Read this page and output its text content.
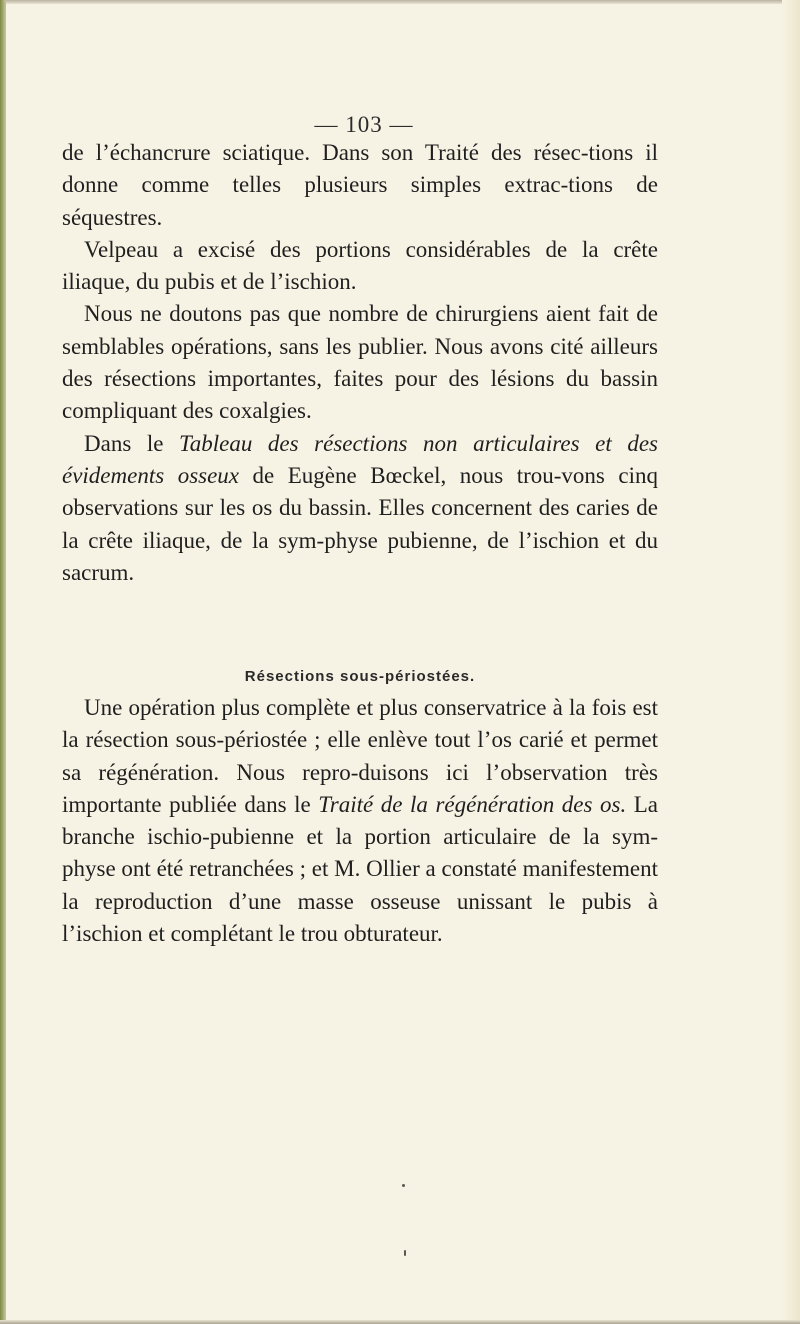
— 103 —

de l’échancrure sciatique. Dans son Traité des résec-tions il donne comme telles plusieurs simples extrac-tions de séquestres.

Velpeau a excisé des portions considérables de la crête iliaque, du pubis et de l’ischion.

Nous ne doutons pas que nombre de chirurgiens aient fait de semblables opérations, sans les publier. Nous avons cité ailleurs des résections importantes, faites pour des lésions du bassin compliquant des coxalgies.

Dans le Tableau des résections non articulaires et des évidements osseux de Eugène Bœckel, nous trou-vons cinq observations sur les os du bassin. Elles concernent des caries de la crête iliaque, de la sym-physe pubienne, de l’ischion et du sacrum.

Résections sous-périostées.

Une opération plus complète et plus conservatrice à la fois est la résection sous-périostée ; elle enlève tout l’os carié et permet sa régénération. Nous repro-duisons ici l’observation très importante publiée dans le Traité de la régénération des os. La branche ischio-pubienne et la portion articulaire de la sym-physe ont été retranchées ; et M. Ollier a constaté manifestement la reproduction d’une masse osseuse unissant le pubis à l’ischion et complétant le trou obturateur.
